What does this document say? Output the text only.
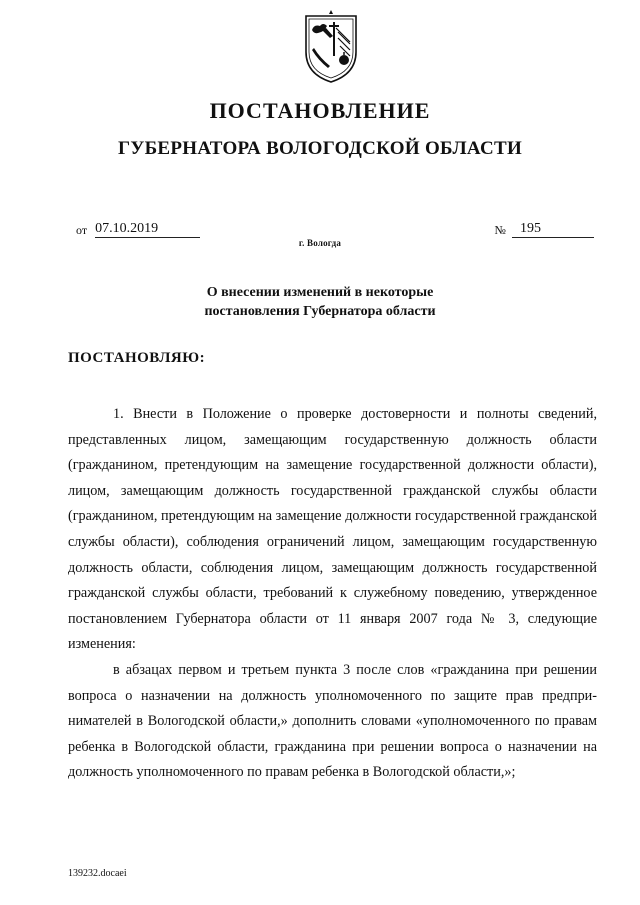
ПОСТАНОВЛЕНИЕ
ГУБЕРНАТОРА ВОЛОГОДСКОЙ ОБЛАСТИ
от 07.10.2019	№ 195
г. Вологда
О внесении изменений в некоторые
постановления Губернатора области
ПОСТАНОВЛЯЮ:

1. Внести в Положение о проверке достоверности и полноты сведений, представленных лицом, замещающим государственную должность области (гражданином, претендующим на замещение государственной должности области), лицом, замещающим должность государственной гражданской службы области (гражданином, претендующим на замещение должности государственной гражданской службы области), соблюдения ограничений лицом, замещающим государственную должность области, соблюдения лицом, замещающим должность государственной гражданской службы области, требований к служебному поведению, утвержденное постановлением Губернатора области от 11 января 2007 года № 3, следующие изменения:

в абзацах первом и третьем пункта 3 после слов «гражданина при решении вопроса о назначении на должность уполномоченного по защите прав предпринимателей в Вологодской области,» дополнить словами «уполномоченного по правам ребенка в Вологодской области, гражданина при решении вопроса о назначении на должность уполномоченного по правам ребенка в Вологодской области,»;

139232.docaei
